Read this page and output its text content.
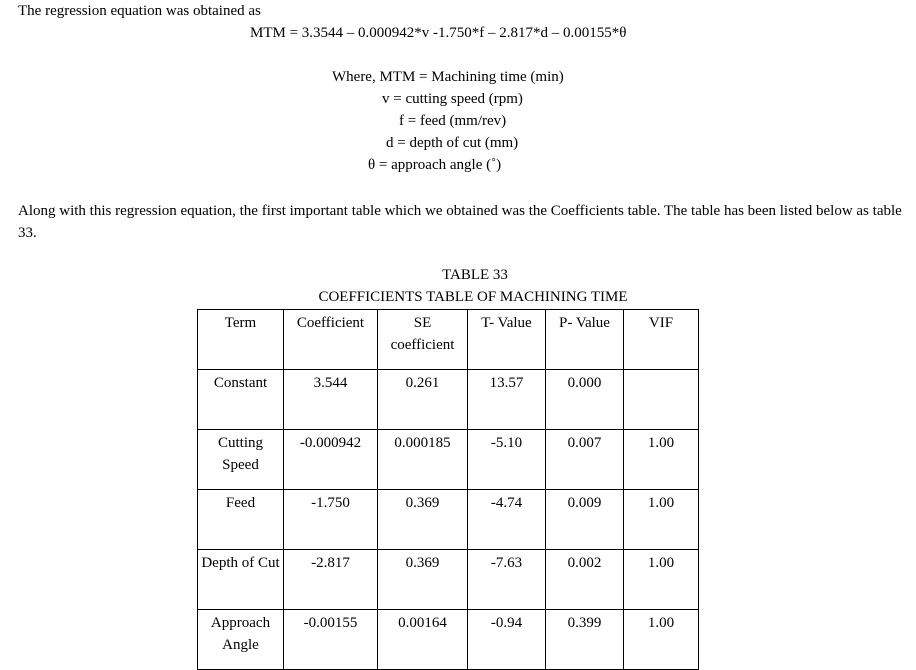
The regression equation was obtained as
MTM = 3.3544 – 0.000942*v -1.750*f – 2.817*d – 0.00155*θ
Where, MTM = Machining time (min)
v = cutting speed (rpm)
f = feed (mm/rev)
d = depth of cut (mm)
θ = approach angle (˚)
Along with this regression equation, the first important table which we obtained was the Coefficients table. The table has been listed below as table 33.
TABLE 33
COEFFICIENTS TABLE OF MACHINING TIME
Term	Coefficient	SE coefficient	T- Value	P- Value	VIF
Constant	3.544	0.261	13.57	0.000	
Cutting Speed	-0.000942	0.000185	-5.10	0.007	1.00
Feed	-1.750	0.369	-4.74	0.009	1.00
Depth of Cut	-2.817	0.369	-7.63	0.002	1.00
Approach Angle	-0.00155	0.00164	-0.94	0.399	1.00
